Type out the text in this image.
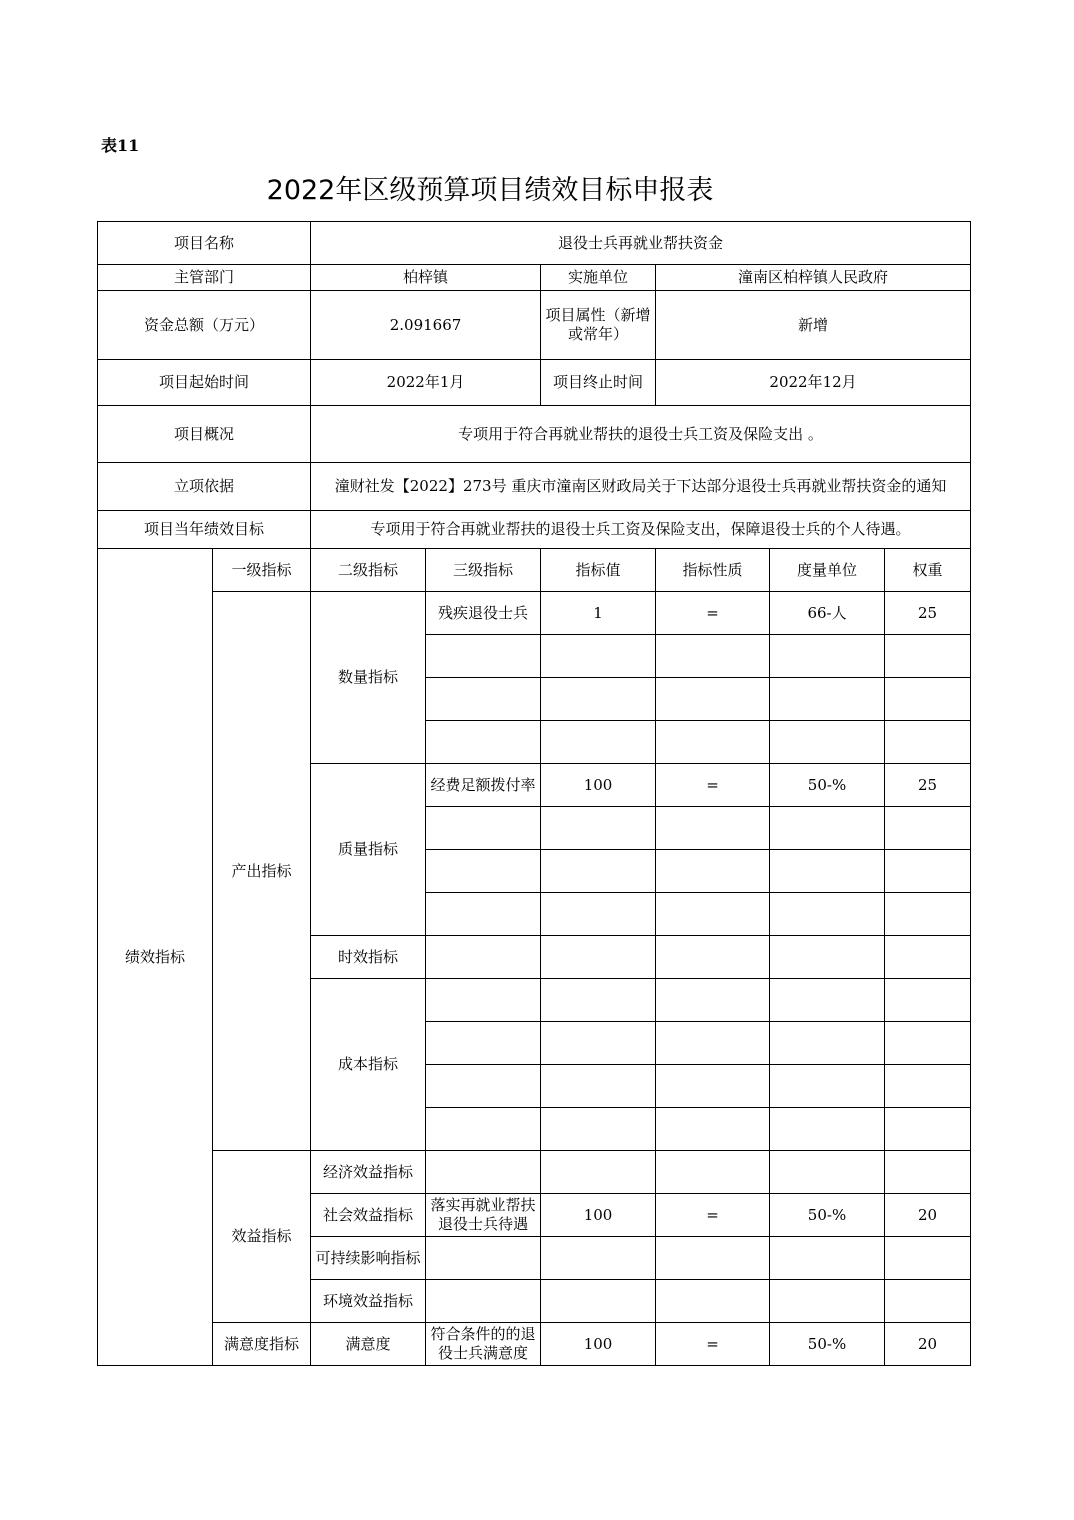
表11
2022年区级预算项目绩效目标申报表
项目名称		退役士兵再就业帮扶资金					
主管部门		柏梓镇		实施单位	潼南区柏梓镇人民政府		
资金总额（万元）		2.091667		项目属性（新增或常年）	新增		
项目起始时间		2022年1月		项目终止时间	2022年12月		
项目概况		专项用于符合再就业帮扶的退役士兵工资及保险支出 。					
立项依据		潼财社发【2022】273号 重庆市潼南区财政局关于下达部分退役士兵再就业帮扶资金的通知					
项目当年绩效目标		专项用于符合再就业帮扶的退役士兵工资及保险支出，保障退役士兵的个人待遇。					
绩效指标	一级指标	二级指标	三级指标	指标值	指标性质	度量单位	权重
	产出指标	数量指标	残疾退役士兵	1	=	66-人	25

		质量指标	经费足额拨付率	100	=	50-%	25

		时效指标					
		成本指标					

	效益指标	经济效益指标					
		社会效益指标	落实再就业帮扶退役士兵待遇	100	=	50-%	20
		可持续影响指标					
		环境效益指标					
	满意度指标	满意度	符合条件的的退役士兵满意度	100	=	50-%	20
